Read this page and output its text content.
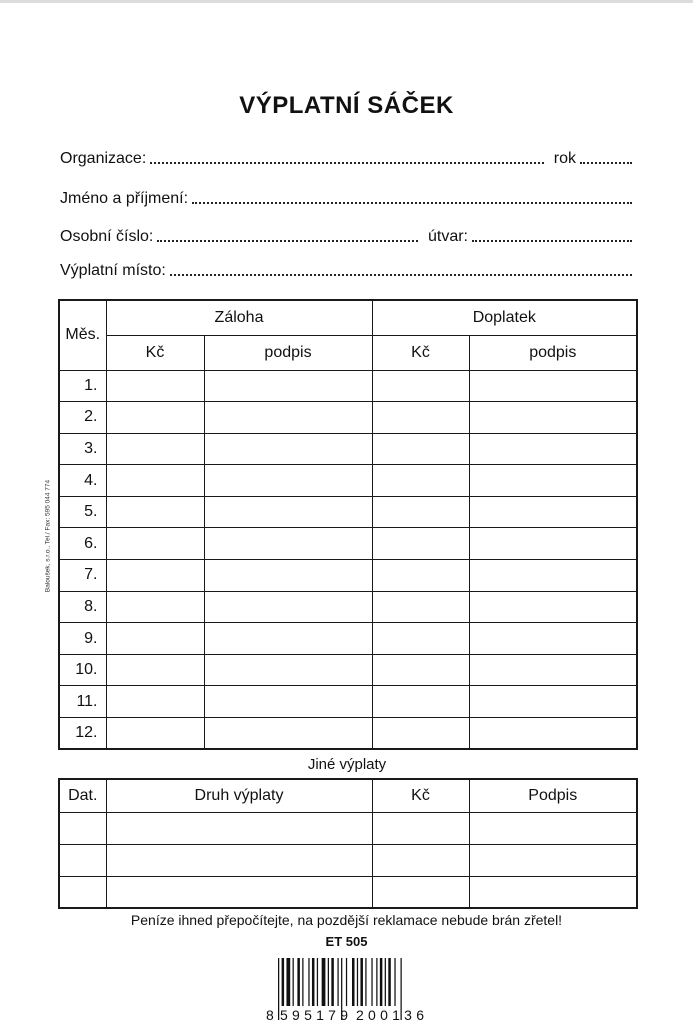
VÝPLATNÍ SÁČEK
Organizace:	rok
Jméno a příjmení:
Osobní číslo:	útvar:
Výplatní místo:
Baloušek, s.r.o., Tel./ Fax: 595 044 774
Měs.	Záloha		Doplatek	
	Kč	podpis	Kč	podpis
1.				
2.				
3.				
4.				
5.				
6.				
7.				
8.				
9.				
10.				
11.				
12.				
Jiné výplaty
Dat.	Druh výplaty	Kč	Podpis

Peníze ihned přepočítejte, na pozdější reklamace nebude brán zřetel!
ET 505
8 595179 200136
